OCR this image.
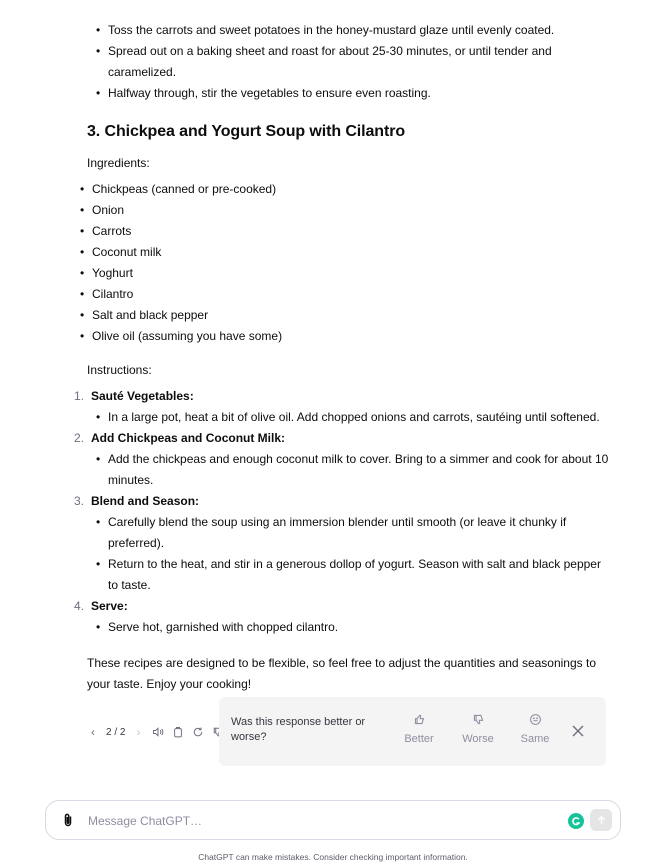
• Toss the carrots and sweet potatoes in the honey-mustard glaze until evenly coated.
• Spread out on a baking sheet and roast for about 25-30 minutes, or until tender and
caramelized.
• Halfway through, stir the vegetables to ensure even roasting.
3. Chickpea and Yogurt Soup with Cilantro
Ingredients:
• Chickpeas (canned or pre-cooked)
• Onion
• Carrots
• Coconut milk
• Yoghurt
• Cilantro
• Salt and black pepper
• Olive oil (assuming you have some)
Instructions:
1. Sauté Vegetables:
• In a large pot, heat a bit of olive oil. Add chopped onions and carrots, sautéing until softened.
2. Add Chickpeas and Coconut Milk:
• Add the chickpeas and enough coconut milk to cover. Bring to a simmer and cook for about 10
minutes.
3. Blend and Season:
• Carefully blend the soup using an immersion blender until smooth (or leave it chunky if
preferred).
• Return to the heat, and stir in a generous dollop of yogurt. Season with salt and black pepper
to taste.
4. Serve:
• Serve hot, garnished with chopped cilantro.
These recipes are designed to be flexible, so feel free to adjust the quantities and seasonings to
your taste. Enjoy your cooking!
‹	2 / 2 ›
Was this response better or worse?	Better	Worse	Same
Message ChatGPT…
ChatGPT can make mistakes. Consider checking important information.
